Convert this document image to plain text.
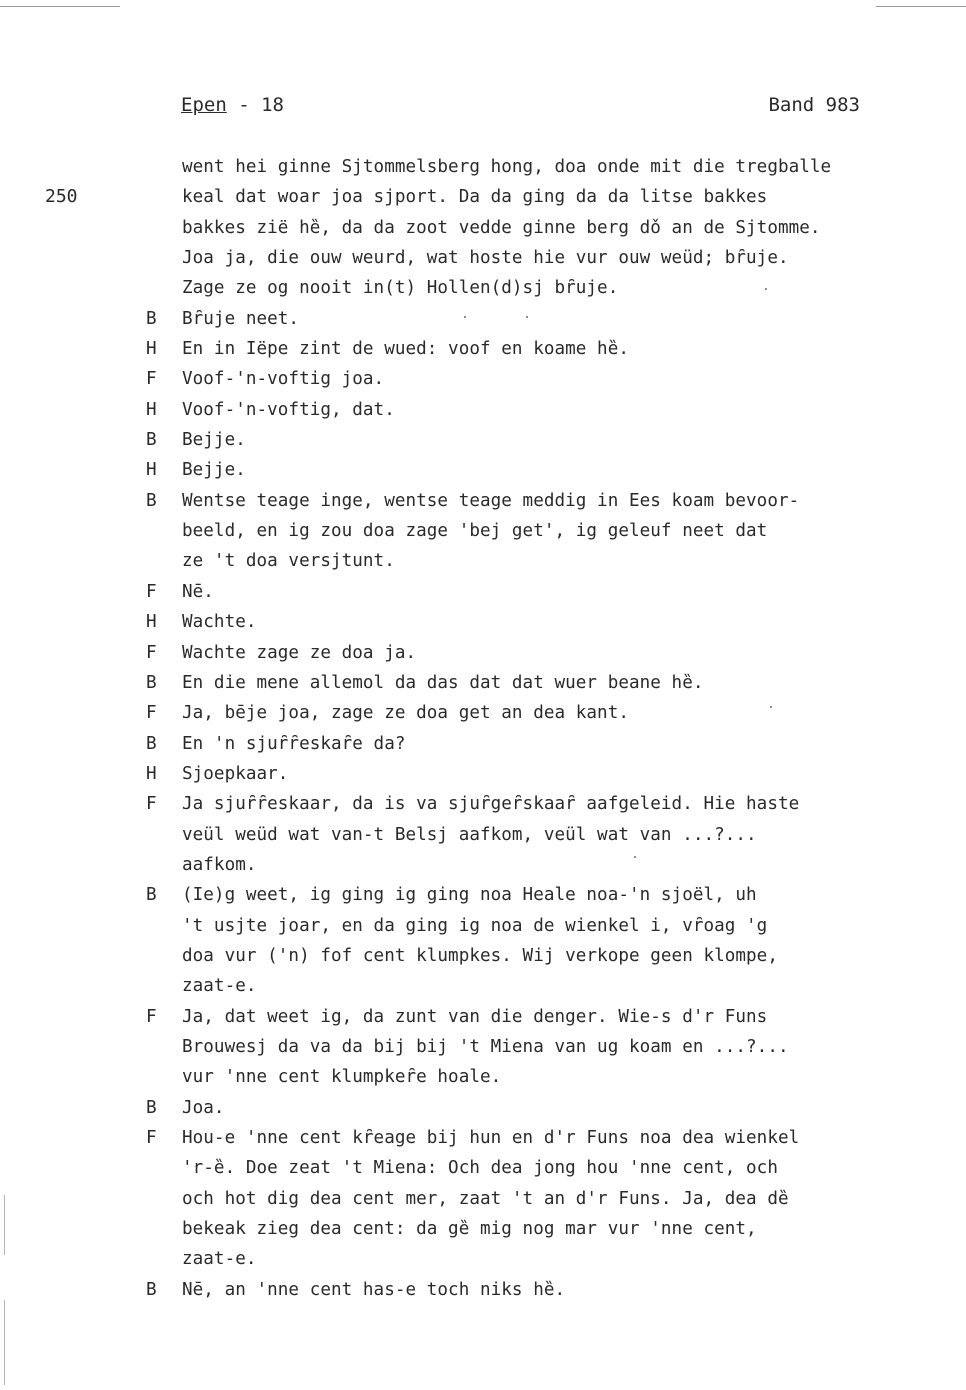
Epen - 18	Band 983
250
went hei ginne Sjtommelsberg hong, doa onde mit die tregballe
keal dat woar joa sjport. Da da ging da da litse bakkes
bakkes ziё hȅ, da da zoot vedde ginne berg dǒ an de Sjtomme.
Joa ja, die ouw weurd, wat hoste hie vur ouw weüd; bȓuje.
Zage ze og nooit in(t) Hollen(d)sj bȓuje.
B Bȓuje neet.
H En in Iёpe zint de wued: voof en koame hȅ.
F Voof-'n-voftig joa.
H Voof-'n-voftig, dat.
B Bejje.
H Bejje.
B Wentse teage inge, wentse teage meddig in Ees koam bevoor-
beeld, en ig zou doa zage 'bej get', ig geleuf neet dat
ze 't doa versjtunt.
F Nē.
H Wachte.
F Wachte zage ze doa ja.
B En die mene allemol da das dat dat wuer beane hȅ.
F Ja, bēje joa, zage ze doa get an dea kant.
B En 'n sjuȓȓeskaȓe da?
H Sjoepkaar.
F Ja sjuȓȓeskaar, da is va sjuȓgeȓskaaȓ aafgeleid. Hie haste
veül weüd wat van-t Belsj aafkom, veül wat van ...?...
aafkom.
B (Ie)g weet, ig ging ig ging noa Heale noa-'n sjoёl, uh
't usjte joar, en da ging ig noa de wienkel i, vȓoag 'g
doa vur ('n) fof cent klumpkes. Wij verkope geen klompe,
zaat-e.
F Ja, dat weet ig, da zunt van die denger. Wie-s d'r Funs
Brouwesj da va da bij bij 't Miena van ug koam en ...?...
vur 'nne cent klumpkeȓe hoale.
B Joa.
F Hou-e 'nne cent kȓeage bij hun en d'r Funs noa dea wienkel
'r-ȅ. Doe zeat 't Miena: Och dea jong hou 'nne cent, och
och hot dig dea cent mer, zaat 't an d'r Funs. Ja, dea dȅ
bekeak zieg dea cent: da gȅ mig nog mar vur 'nne cent,
zaat-e.
B Nē, an 'nne cent has-e toch niks hȅ.
